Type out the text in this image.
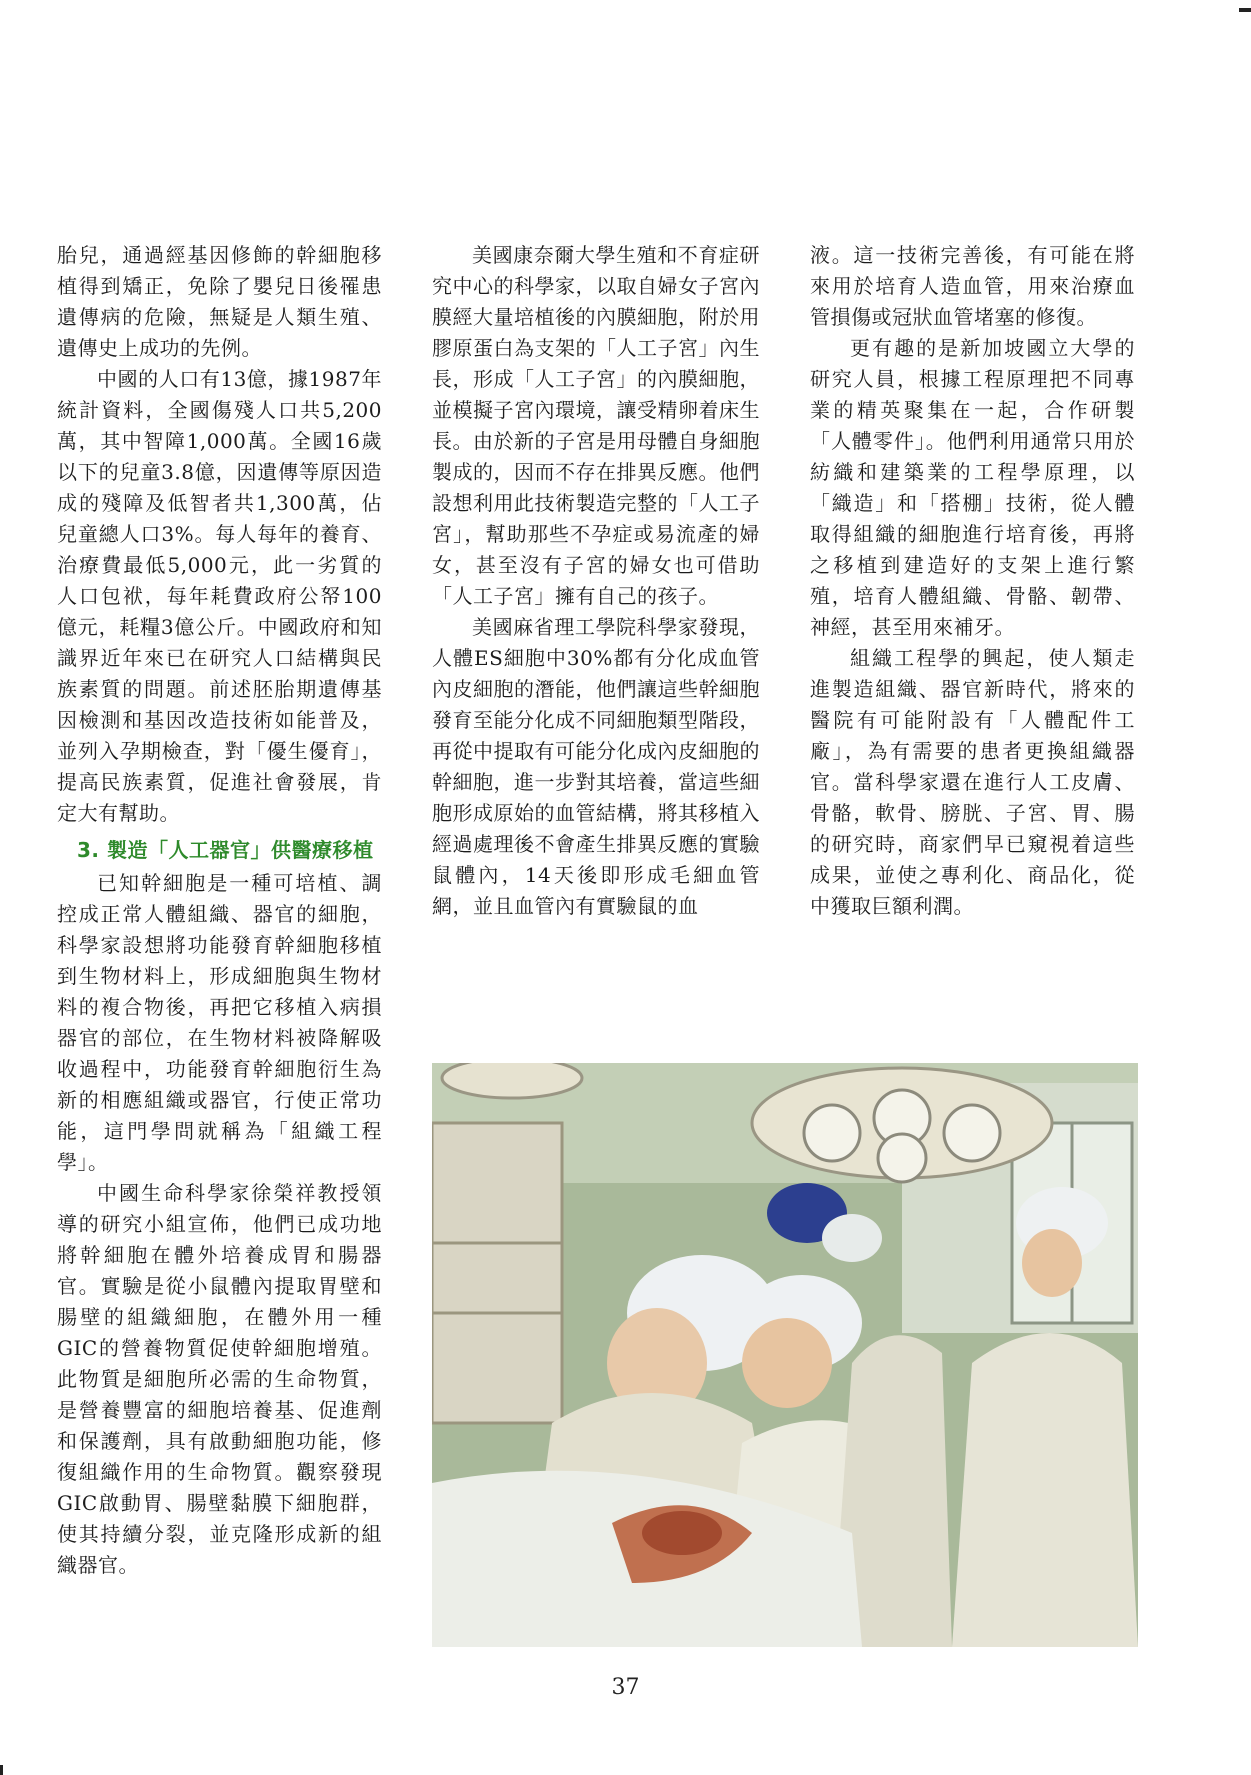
胎兒，通過經基因修飾的幹細胞移植得到矯正，免除了嬰兒日後罹患遺傳病的危險，無疑是人類生殖、遺傳史上成功的先例。

中國的人口有13億，據1987年統計資料，全國傷殘人口共5,200萬，其中智障1,000萬。全國16歲以下的兒童3.8億，因遺傳等原因造成的殘障及低智者共1,300萬，佔兒童總人口3%。每人每年的養育、治療費最低5,000元，此一劣質的人口包袱，每年耗費政府公帑100億元，耗糧3億公斤。中國政府和知識界近年來已在研究人口結構與民族素質的問題。前述胚胎期遺傳基因檢測和基因改造技術如能普及，並列入孕期檢查，對「優生優育」，提高民族素質，促進社會發展，肯定大有幫助。

3. 製造「人工器官」供醫療移植

已知幹細胞是一種可培植、調控成正常人體組織、器官的細胞，科學家設想將功能發育幹細胞移植到生物材料上，形成細胞與生物材料的複合物後，再把它移植入病損器官的部位，在生物材料被降解吸收過程中，功能發育幹細胞衍生為新的相應組織或器官，行使正常功能，這門學問就稱為「組織工程學」。

中國生命科學家徐榮祥教授領導的研究小組宣佈，他們已成功地將幹細胞在體外培養成胃和腸器官。實驗是從小鼠體內提取胃壁和腸壁的組織細胞，在體外用一種GIC的營養物質促使幹細胞增殖。此物質是細胞所必需的生命物質，是營養豐富的細胞培養基、促進劑和保護劑，具有啟動細胞功能，修復組織作用的生命物質。觀察發現GIC啟動胃、腸壁黏膜下細胞群，使其持續分裂，並克隆形成新的組織器官。

美國康奈爾大學生殖和不育症研究中心的科學家，以取自婦女子宮內膜經大量培植後的內膜細胞，附於用膠原蛋白為支架的「人工子宮」內生長，形成「人工子宮」的內膜細胞，並模擬子宮內環境，讓受精卵着床生長。由於新的子宮是用母體自身細胞製成的，因而不存在排異反應。他們設想利用此技術製造完整的「人工子宮」，幫助那些不孕症或易流產的婦女，甚至沒有子宮的婦女也可借助「人工子宮」擁有自己的孩子。

美國麻省理工學院科學家發現，人體ES細胞中30%都有分化成血管內皮細胞的潛能，他們讓這些幹細胞發育至能分化成不同細胞類型階段，再從中提取有可能分化成內皮細胞的幹細胞，進一步對其培養，當這些細胞形成原始的血管結構，將其移植入經過處理後不會產生排異反應的實驗鼠體內，14天後即形成毛細血管網，並且血管內有實驗鼠的血

液。這一技術完善後，有可能在將來用於培育人造血管，用來治療血管損傷或冠狀血管堵塞的修復。

更有趣的是新加坡國立大學的研究人員，根據工程原理把不同專業的精英聚集在一起，合作研製「人體零件」。他們利用通常只用於紡織和建築業的工程學原理，以「織造」和「搭棚」技術，從人體取得組織的細胞進行培育後，再將之移植到建造好的支架上進行繁殖，培育人體組織、骨骼、韌帶、神經，甚至用來補牙。

組織工程學的興起，使人類走進製造組織、器官新時代，將來的醫院有可能附設有「人體配件工廠」，為有需要的患者更換組織器官。當科學家還在進行人工皮膚、骨骼，軟骨、膀胱、子宮、胃、腸的研究時，商家們早已窺視着這些成果，並使之專利化、商品化，從中獲取巨額利潤。

37
